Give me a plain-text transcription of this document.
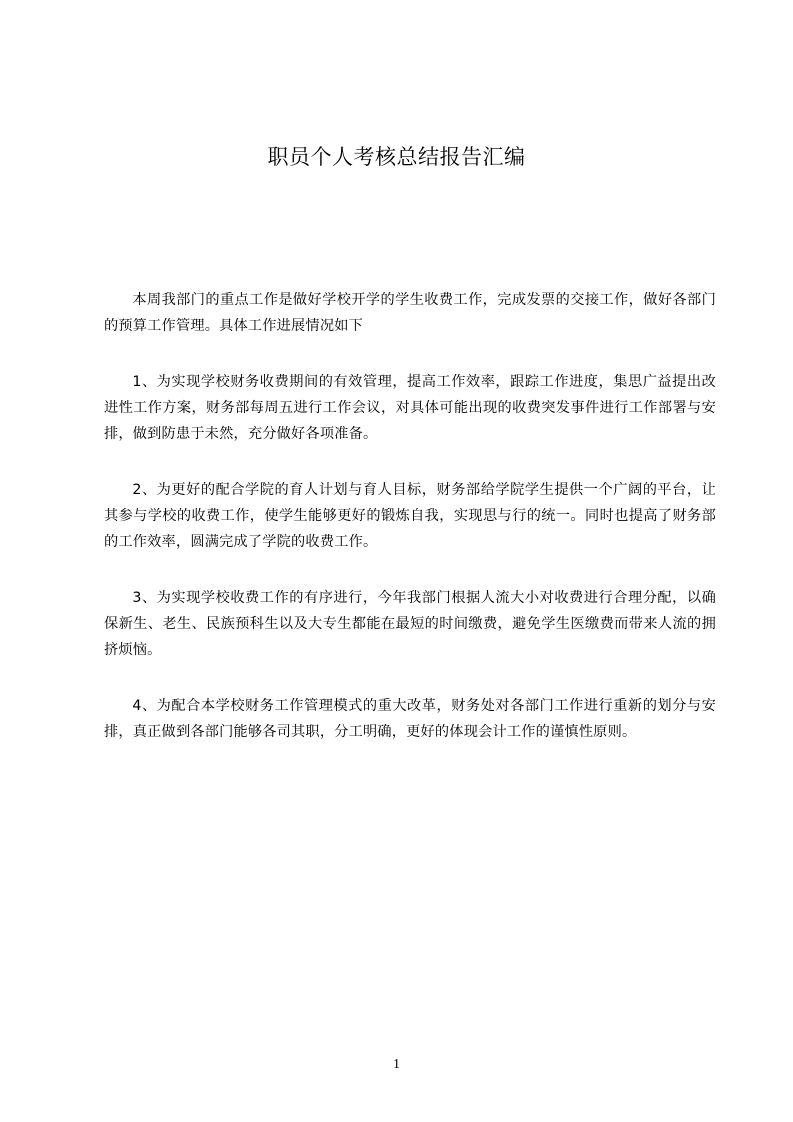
职员个人考核总结报告汇编

本周我部门的重点工作是做好学校开学的学生收费工作，完成发票的交接工作，做好各部门的预算工作管理。具体工作进展情况如下

1、为实现学校财务收费期间的有效管理，提高工作效率，跟踪工作进度，集思广益提出改进性工作方案，财务部每周五进行工作会议，对具体可能出现的收费突发事件进行工作部署与安排，做到防患于未然，充分做好各项准备。

2、为更好的配合学院的育人计划与育人目标，财务部给学院学生提供一个广阔的平台，让其参与学校的收费工作，使学生能够更好的锻炼自我，实现思与行的统一。同时也提高了财务部的工作效率，圆满完成了学院的收费工作。

3、为实现学校收费工作的有序进行，今年我部门根据人流大小对收费进行合理分配，以确保新生、老生、民族预科生以及大专生都能在最短的时间缴费，避免学生医缴费而带来人流的拥挤烦恼。

4、为配合本学校财务工作管理模式的重大改革，财务处对各部门工作进行重新的划分与安排，真正做到各部门能够各司其职，分工明确，更好的体现会计工作的谨慎性原则。

1
